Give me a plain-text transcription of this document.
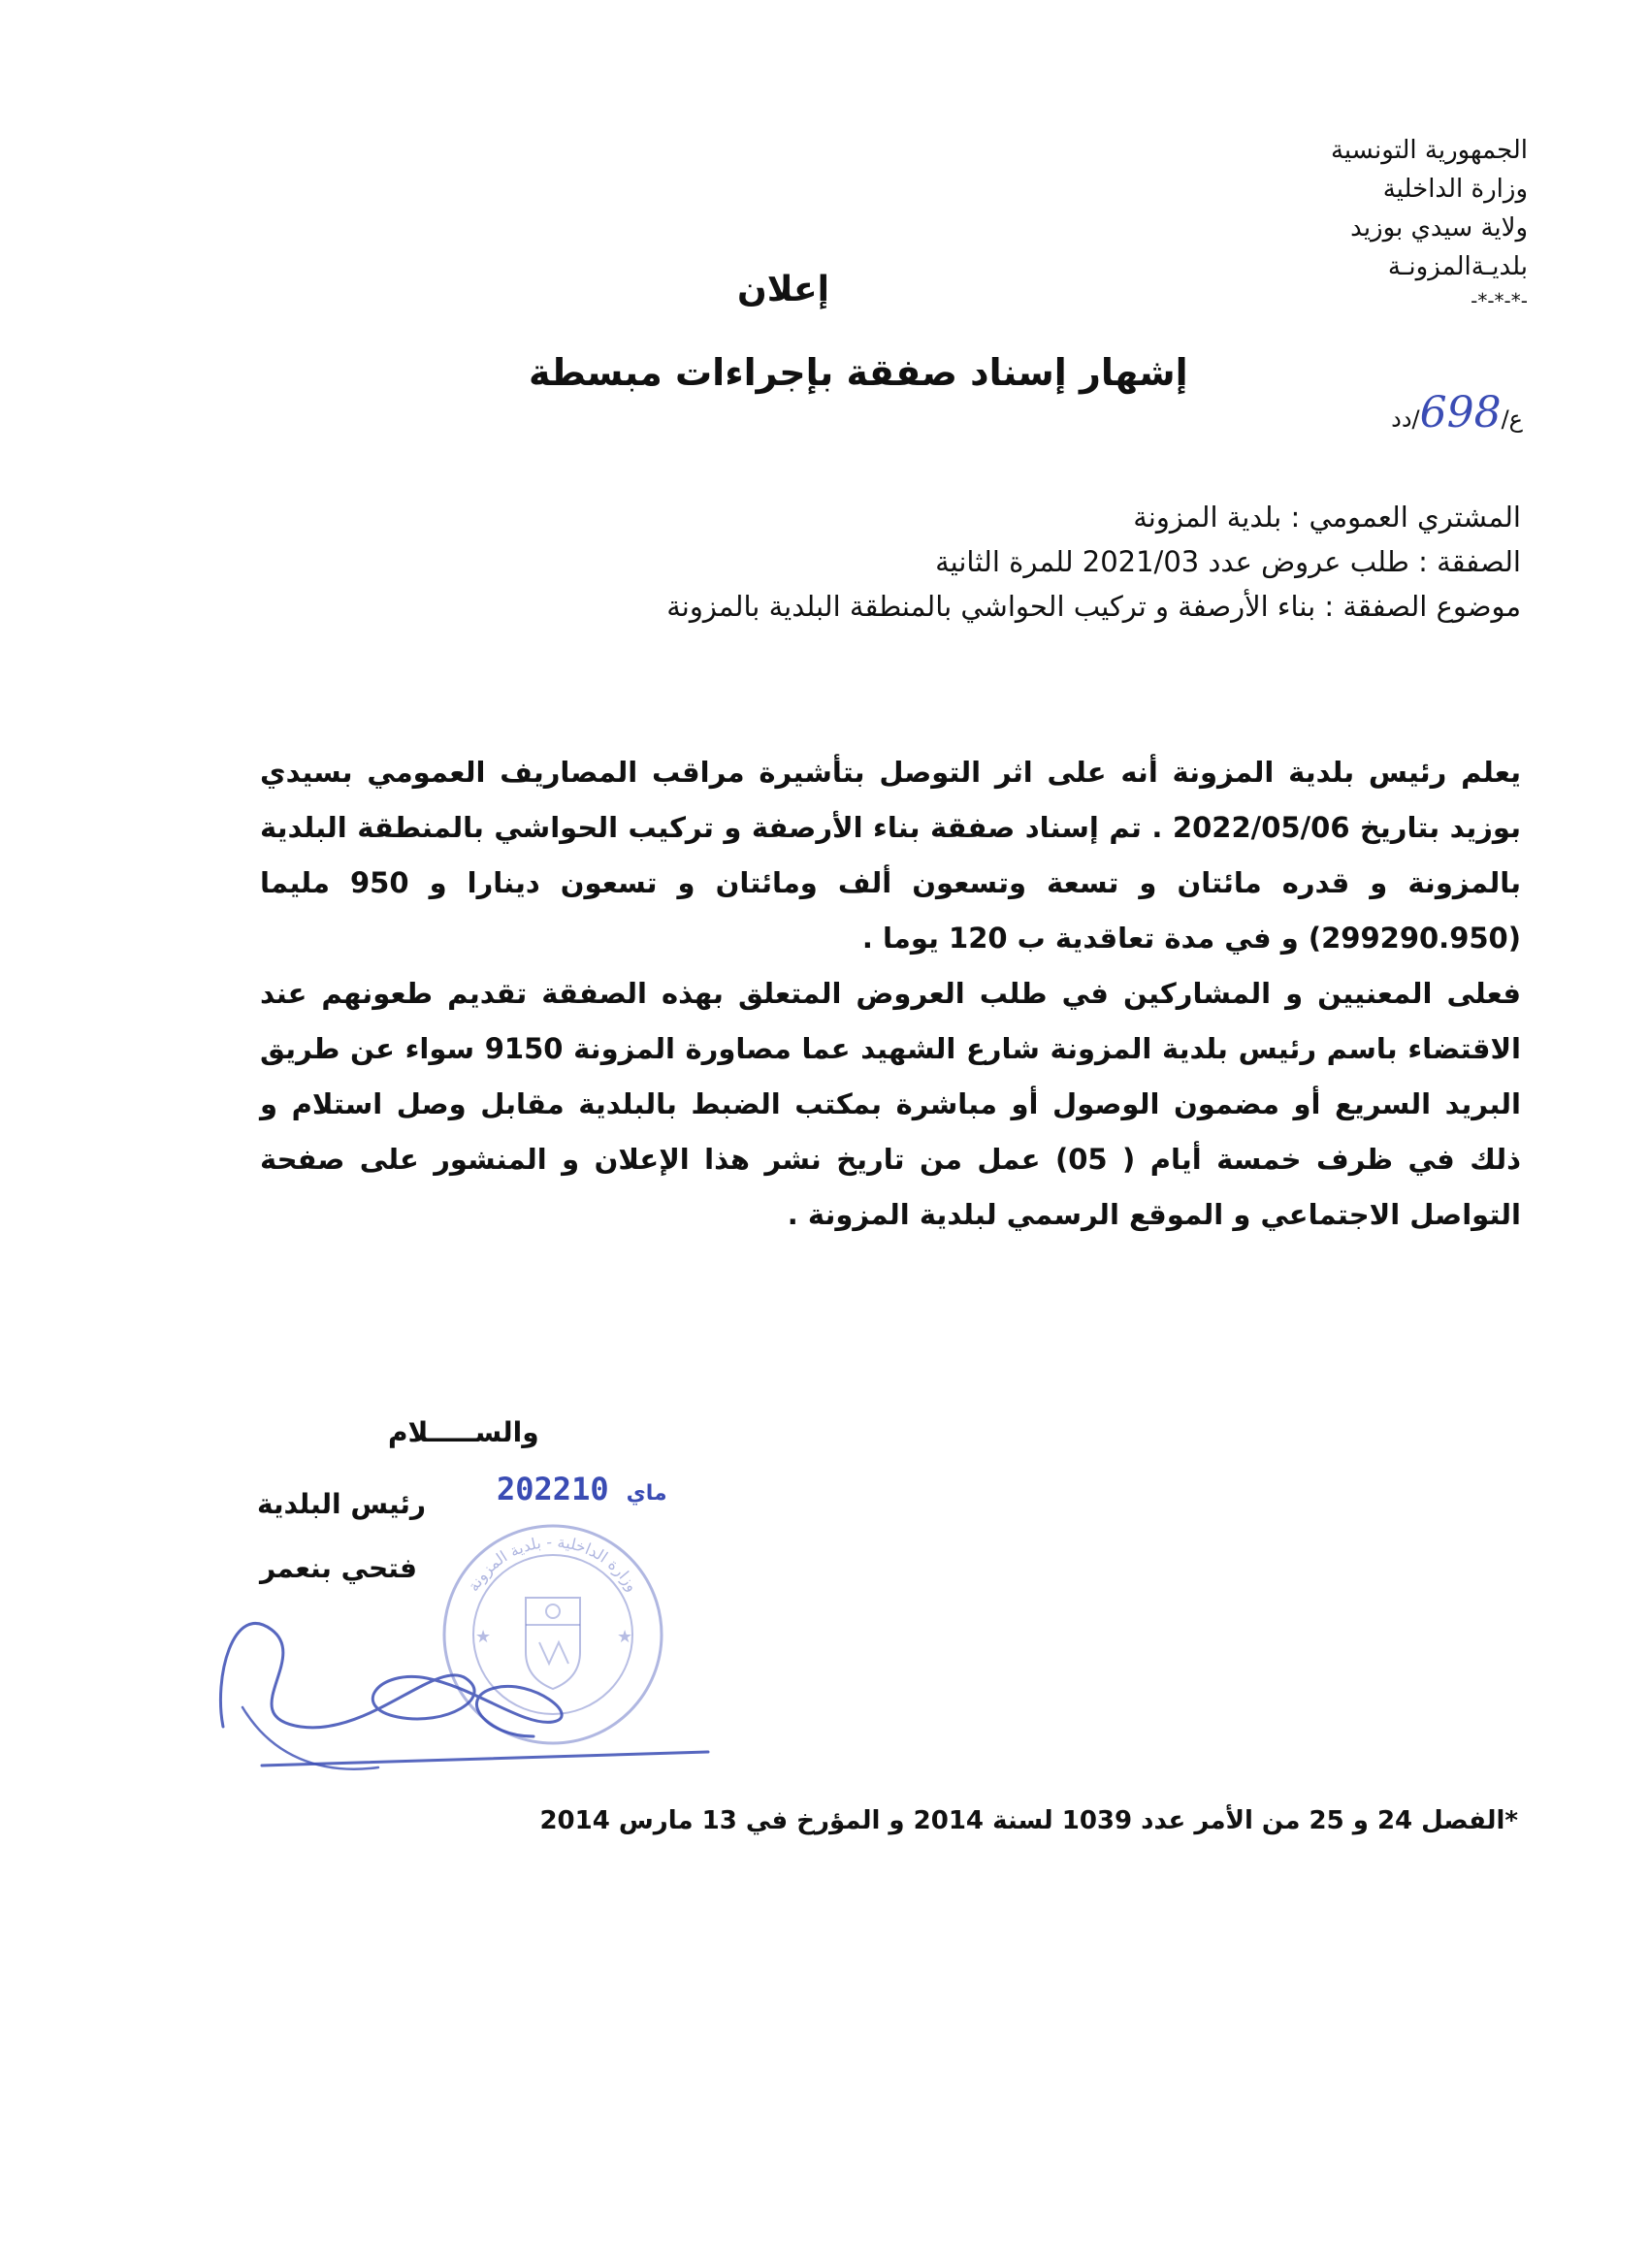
الجمهورية التونسية
وزارة الداخلية
ولاية سيدي بوزيد
بلديـةالمزونـة
-*-*-*-
إعلان
إشهار إسناد صفقة بإجراءات مبسطة
ع/698/دد
المشتري العمومي : بلدية المزونة
الصفقة : طلب عروض عدد 2021/03 للمرة الثانية
موضوع الصفقة : بناء الأرصفة و تركيب الحواشي بالمنطقة البلدية بالمزونة

يعلم رئيس بلدية المزونة أنه على اثر التوصل بتأشيرة مراقب المصاريف العمومي بسيدي بوزيد بتاريخ 2022/05/06 . تم إسناد صفقة بناء الأرصفة و تركيب الحواشي بالمنطقة البلدية بالمزونة و قدره مائتان و تسعة وتسعون ألف ومائتان و تسعون دينارا و 950 مليما (299290.950) و في مدة تعاقدية ب 120 يوما .

فعلى المعنيين و المشاركين في طلب العروض المتعلق بهذه الصفقة تقديم طعونهم عند الاقتضاء باسم رئيس بلدية المزونة شارع الشهيد عما مصاورة المزونة 9150 سواء عن طريق البريد السريع أو مضمون الوصول أو مباشرة بمكتب الضبط بالبلدية مقابل وصل استلام و ذلك في ظرف خمسة أيام ( 05) عمل من تاريخ نشر هذا الإعلان و المنشور على صفحة التواصل الاجتماعي و الموقع الرسمي لبلدية المزونة .

والســـــلام
رئيس البلدية
فتحي بنعمر
2022	ماي10
★	★
وزارة الداخلية - بلدية المزونة
*الفصل 24 و 25 من الأمر عدد 1039 لسنة 2014 و المؤرخ في 13 مارس 2014
